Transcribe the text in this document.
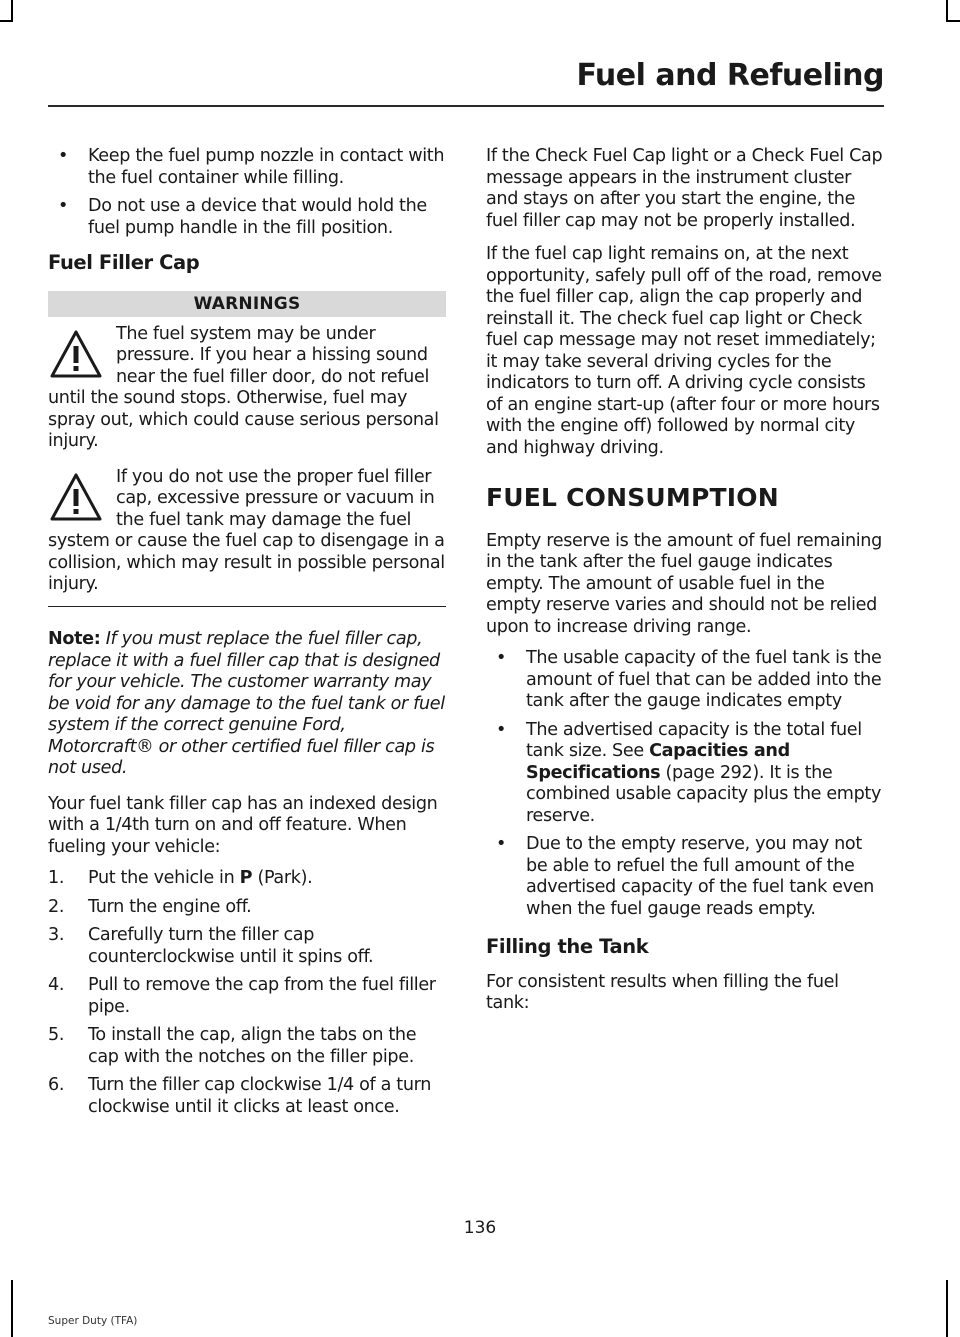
Fuel and Refueling
• Keep the fuel pump nozzle in contact with the fuel container while filling.
• Do not use a device that would hold the fuel pump handle in the fill position.
Fuel Filler Cap
WARNINGS
The fuel system may be under pressure. If you hear a hissing sound near the fuel filler door, do not refuel until the sound stops. Otherwise, fuel may spray out, which could cause serious personal injury.
If you do not use the proper fuel filler cap, excessive pressure or vacuum in the fuel tank may damage the fuel system or cause the fuel cap to disengage in a collision, which may result in possible personal injury.
Note: If you must replace the fuel filler cap, replace it with a fuel filler cap that is designed for your vehicle. The customer warranty may be void for any damage to the fuel tank or fuel system if the correct genuine Ford, Motorcraft® or other certified fuel filler cap is not used.
Your fuel tank filler cap has an indexed design with a 1/4th turn on and off feature. When fueling your vehicle:
1. Put the vehicle in P (Park).
2. Turn the engine off.
3. Carefully turn the filler cap counterclockwise until it spins off.
4. Pull to remove the cap from the fuel filler pipe.
5. To install the cap, align the tabs on the cap with the notches on the filler pipe.
6. Turn the filler cap clockwise 1/4 of a turn clockwise until it clicks at least once.
If the Check Fuel Cap light or a Check Fuel Cap message appears in the instrument cluster and stays on after you start the engine, the fuel filler cap may not be properly installed.
If the fuel cap light remains on, at the next opportunity, safely pull off of the road, remove the fuel filler cap, align the cap properly and reinstall it. The check fuel cap light or Check fuel cap message may not reset immediately; it may take several driving cycles for the indicators to turn off. A driving cycle consists of an engine start-up (after four or more hours with the engine off) followed by normal city and highway driving.
FUEL CONSUMPTION
Empty reserve is the amount of fuel remaining in the tank after the fuel gauge indicates empty. The amount of usable fuel in the empty reserve varies and should not be relied upon to increase driving range.
• The usable capacity of the fuel tank is the amount of fuel that can be added into the tank after the gauge indicates empty
• The advertised capacity is the total fuel tank size. See Capacities and Specifications (page 292). It is the combined usable capacity plus the empty reserve.
• Due to the empty reserve, you may not be able to refuel the full amount of the advertised capacity of the fuel tank even when the fuel gauge reads empty.
Filling the Tank
For consistent results when filling the fuel tank:
136
Super Duty (TFA)
